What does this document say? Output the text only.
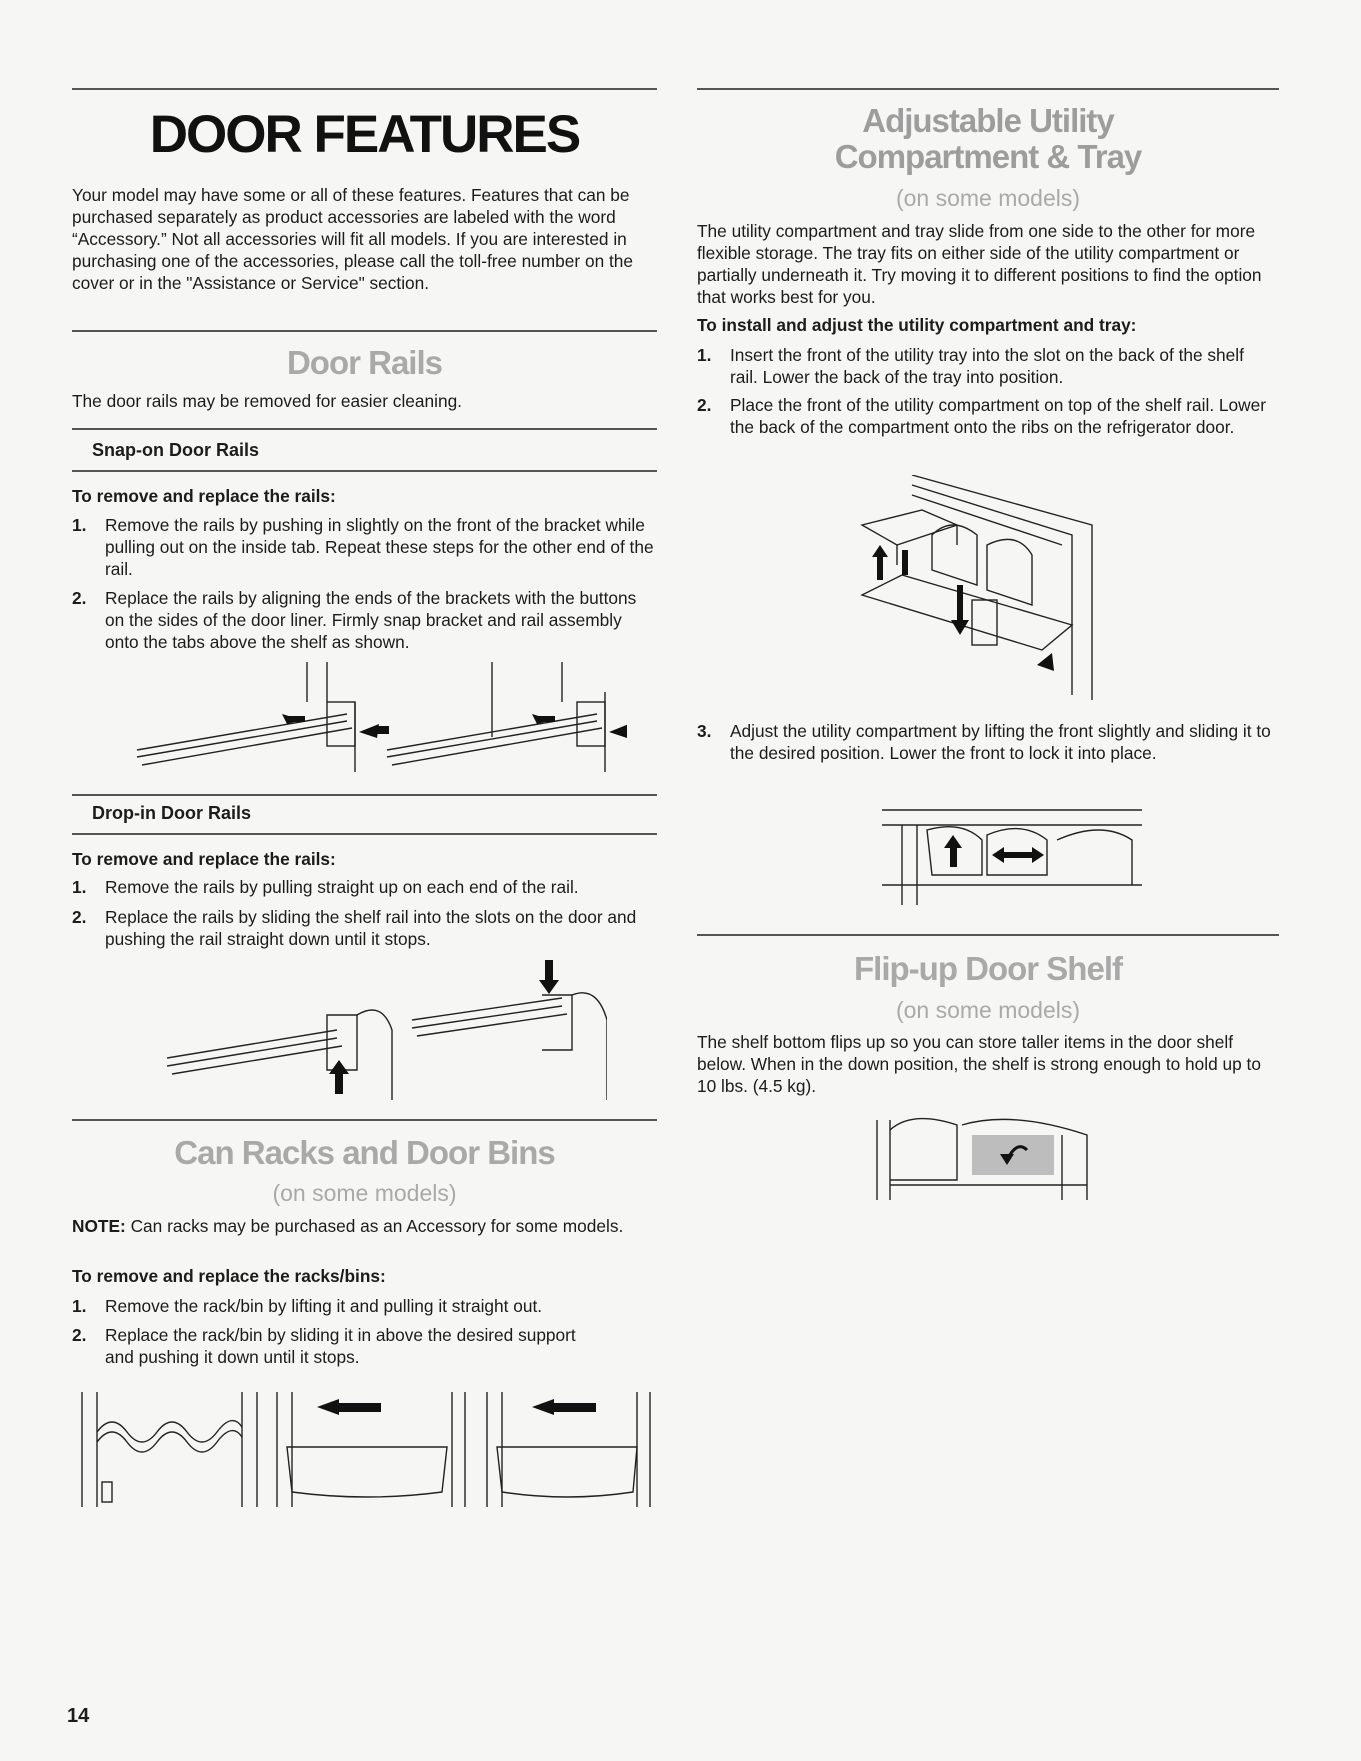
DOOR FEATURES
Your model may have some or all of these features. Features that can be purchased separately as product accessories are labeled with the word “Accessory.” Not all accessories will fit all models. If you are interested in purchasing one of the accessories, please call the toll-free number on the cover or in the "Assistance or Service" section.
Door Rails
The door rails may be removed for easier cleaning.
Snap-on Door Rails
To remove and replace the rails:
1. Remove the rails by pushing in slightly on the front of the bracket while pulling out on the inside tab. Repeat these steps for the other end of the rail.
2. Replace the rails by aligning the ends of the brackets with the buttons on the sides of the door liner. Firmly snap bracket and rail assembly onto the tabs above the shelf as shown.
Drop-in Door Rails
To remove and replace the rails:
1. Remove the rails by pulling straight up on each end of the rail.
2. Replace the rails by sliding the shelf rail into the slots on the door and pushing the rail straight down until it stops.
Can Racks and Door Bins
(on some models)
NOTE: Can racks may be purchased as an Accessory for some models.
To remove and replace the racks/bins:
1. Remove the rack/bin by lifting it and pulling it straight out.
2. Replace the rack/bin by sliding it in above the desired support and pushing it down until it stops.
14
Adjustable Utility
Compartment & Tray
(on some models)
The utility compartment and tray slide from one side to the other for more flexible storage. The tray fits on either side of the utility compartment or partially underneath it. Try moving it to different positions to find the option that works best for you.
To install and adjust the utility compartment and tray:
1. Insert the front of the utility tray into the slot on the back of the shelf rail. Lower the back of the tray into position.
2. Place the front of the utility compartment on top of the shelf rail. Lower the back of the compartment onto the ribs on the refrigerator door.
3. Adjust the utility compartment by lifting the front slightly and sliding it to the desired position. Lower the front to lock it into place.
Flip-up Door Shelf
(on some models)
The shelf bottom flips up so you can store taller items in the door shelf below. When in the down position, the shelf is strong enough to hold up to 10 lbs. (4.5 kg).
